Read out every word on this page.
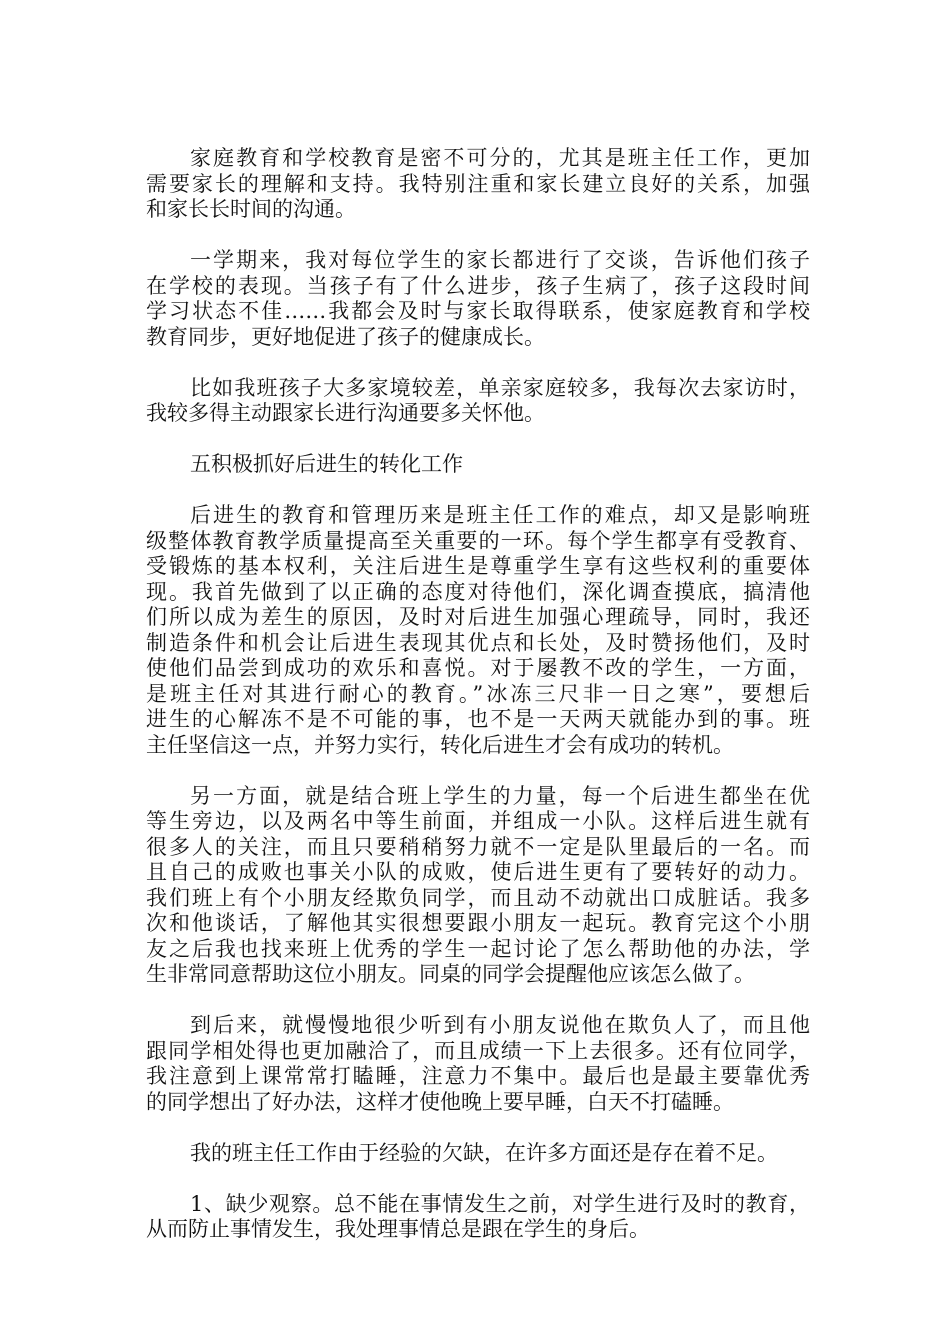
家庭教育和学校教育是密不可分的，尤其是班主任工作，更加
需要家长的理解和支持。我特别注重和家长建立良好的关系，加强
和家长长时间的沟通。
一学期来，我对每位学生的家长都进行了交谈，告诉他们孩子
在学校的表现。当孩子有了什么进步，孩子生病了，孩子这段时间
学习状态不佳……我都会及时与家长取得联系，使家庭教育和学校
教育同步，更好地促进了孩子的健康成长。
比如我班孩子大多家境较差，单亲家庭较多，我每次去家访时，
我较多得主动跟家长进行沟通要多关怀他。
五积极抓好后进生的转化工作
后进生的教育和管理历来是班主任工作的难点，却又是影响班
级整体教育教学质量提高至关重要的一环。每个学生都享有受教育、
受锻炼的基本权利，关注后进生是尊重学生享有这些权利的重要体
现。我首先做到了以正确的态度对待他们，深化调查摸底，搞清他
们所以成为差生的原因，及时对后进生加强心理疏导，同时，我还
制造条件和机会让后进生表现其优点和长处，及时赞扬他们，及时
使他们品尝到成功的欢乐和喜悦。对于屡教不改的学生，一方面，
是班主任对其进行耐心的教育。”冰冻三尺非一日之寒”，要想后
进生的心解冻不是不可能的事，也不是一天两天就能办到的事。班
主任坚信这一点，并努力实行，转化后进生才会有成功的转机。
另一方面，就是结合班上学生的力量，每一个后进生都坐在优
等生旁边，以及两名中等生前面，并组成一小队。这样后进生就有
很多人的关注，而且只要稍稍努力就不一定是队里最后的一名。而
且自己的成败也事关小队的成败，使后进生更有了要转好的动力。
我们班上有个小朋友经欺负同学，而且动不动就出口成脏话。我多
次和他谈话，了解他其实很想要跟小朋友一起玩。教育完这个小朋
友之后我也找来班上优秀的学生一起讨论了怎么帮助他的办法，学
生非常同意帮助这位小朋友。同桌的同学会提醒他应该怎么做了。
到后来，就慢慢地很少听到有小朋友说他在欺负人了，而且他
跟同学相处得也更加融洽了，而且成绩一下上去很多。还有位同学，
我注意到上课常常打瞌睡，注意力不集中。最后也是最主要靠优秀
的同学想出了好办法，这样才使他晚上要早睡，白天不打磕睡。
我的班主任工作由于经验的欠缺，在许多方面还是存在着不足。
1、缺少观察。总不能在事情发生之前，对学生进行及时的教育，
从而防止事情发生，我处理事情总是跟在学生的身后。
